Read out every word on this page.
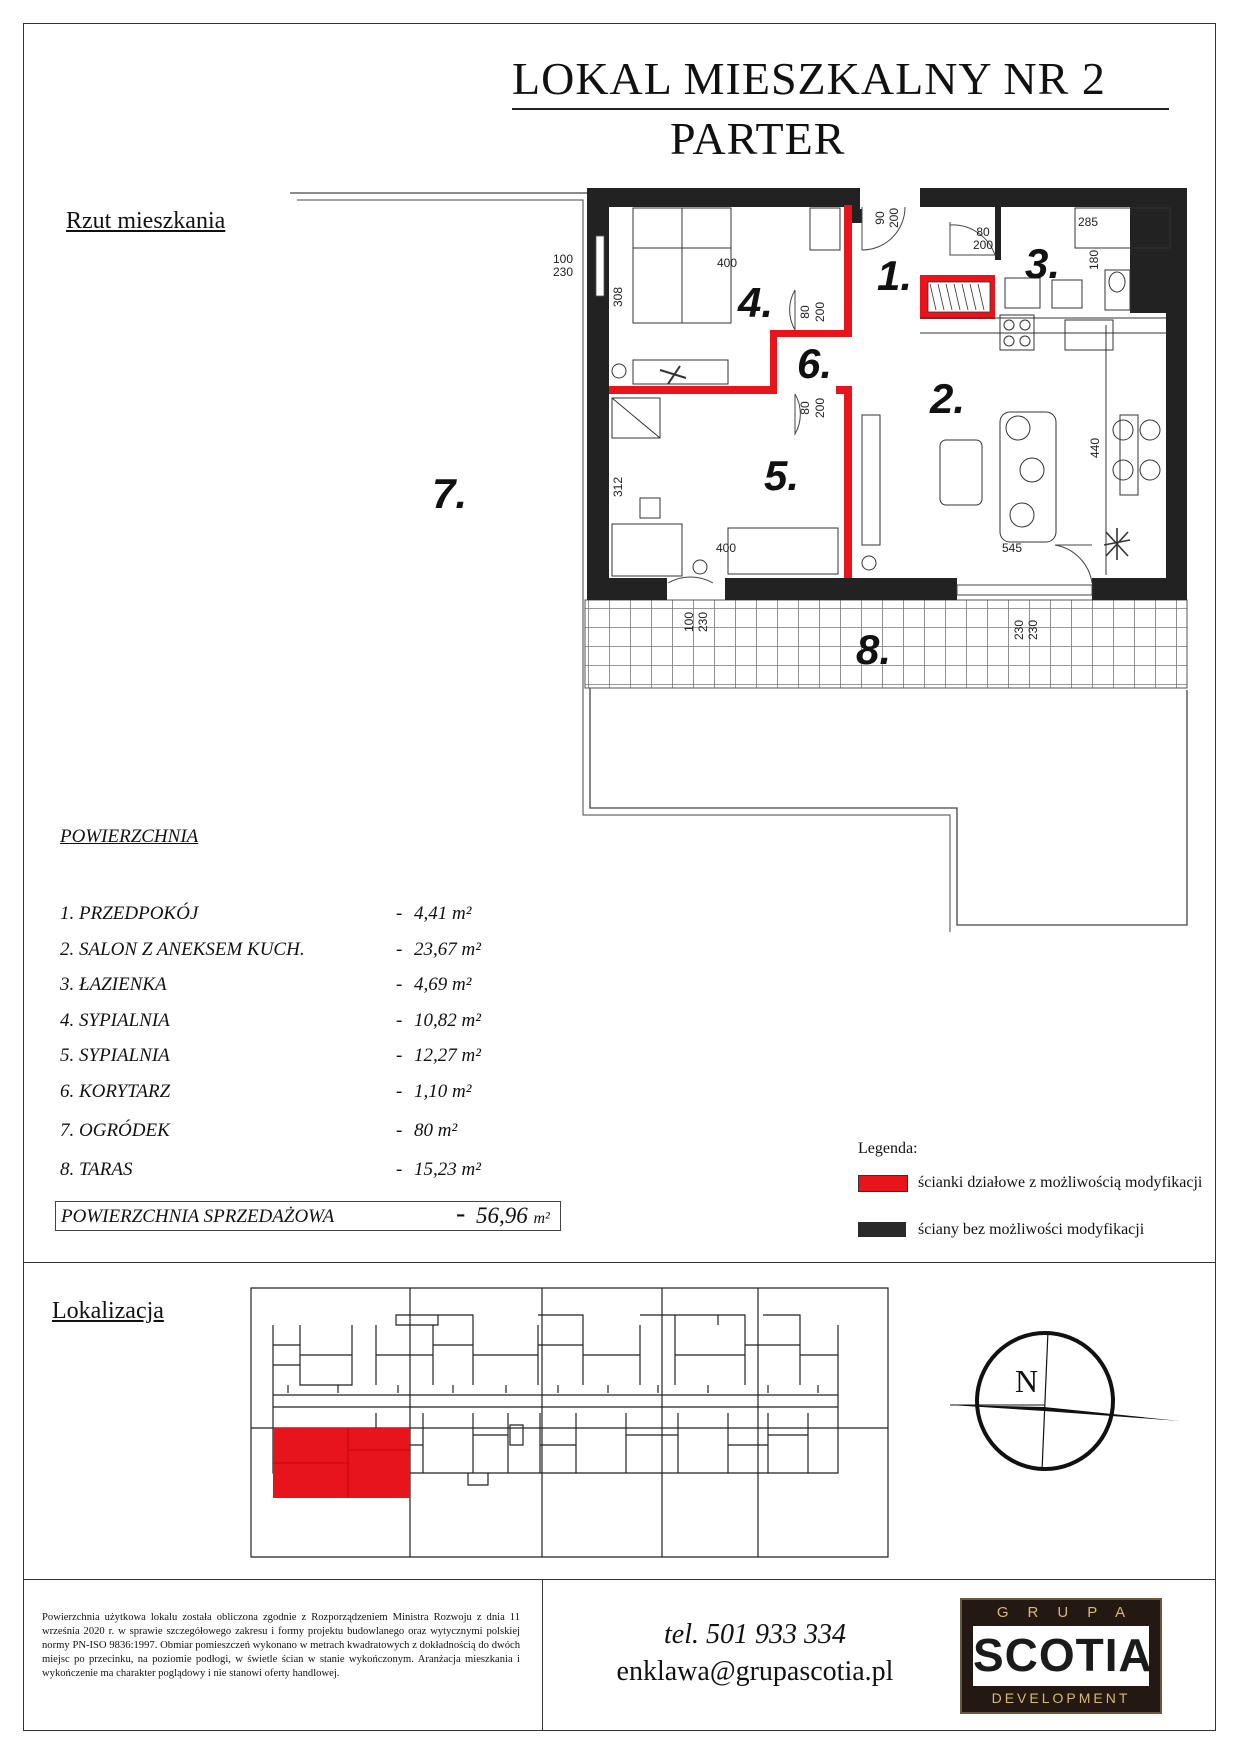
LOKAL MIESZKALNY NR 2
PARTER
Rzut mieszkania	90 200
80
200
285
180
100
230
308
400
80 200
80 200
440
312
400	545
100 230	230 230
1.
2.
3.
4.
5.
6.
7.
8.
POWIERZCHNIA
1. PRZEDPOKÓJ	- 4,41 m²
2. SALON Z ANEKSEM KUCH.	- 23,67 m²
3. ŁAZIENKA	- 4,69 m²
4. SYPIALNIA	- 10,82 m²
5. SYPIALNIA	- 12,27 m²
6. KORYTARZ	- 1,10 m²
7. OGRÓDEK	- 80 m²
8. TARAS	- 15,23 m²
POWIERZCHNIA SPRZEDAŻOWA	- 56,96 m²
Legenda:
ścianki działowe z możliwością modyfikacji
ściany bez możliwości modyfikacji
Lokalizacja
N
Powierzchnia użytkowa lokalu została obliczona zgodnie z Rozporządzeniem Ministra Rozwoju z dnia 11 września 2020 r. w sprawie szczegółowego zakresu i formy projektu budowlanego oraz wytycznymi polskiej normy PN-ISO 9836:1997. Obmiar pomieszczeń wykonano w metrach kwadratowych z dokładnością do dwóch miejsc po przecinku, na poziomie podłogi, w świetle ścian w stanie wykończonym. Aranżacja mieszkania i wykończenie ma charakter poglądowy i nie stanowi oferty handlowej.
tel. 501 933 334
enklawa@grupascotia.pl
GRUPA
SCOTIA
DEVELOPMENT
